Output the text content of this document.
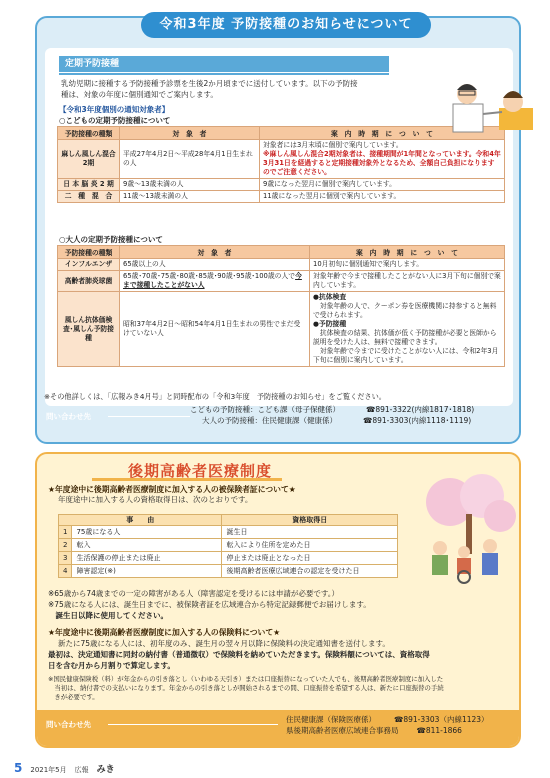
令和3年度 予防接種のお知らせについて
定期予防接種
乳幼児期に接種する予防接種予診票を生後2か月頃までに送付しています。以下の予防接
種は、対象の年度に個別通知でご案内します。
【令和3年度個別の通知対象者】
○こどもの定期予防接種について
予防接種の種類	対　象　者	案　内　時　期　に　つ　い　て
麻しん風しん混合2期	平成27年4月2日～平成28年4月1日生まれの人	対象者には3月末頃に個別で案内しています。
※麻しん風しん混合2期対象者は、接種期間が1年間となっています。令和4年3月31日を経過すると定期接種対象外となるため、全額自己負担になりますのでご注意ください。

日 本 脳 炎 2 期	9歳～13歳未満の人	9歳になった翌月に個別で案内しています。
二　種　混　合	11歳～13歳未満の人	11歳になった翌月に個別で案内しています。
○大人の定期予防接種について
予防接種の種類	対　象　者	案　内　時　期　に　つ　い　て
インフルエンザ	65歳以上の人	10月初旬に個別通知で案内します。
高齢者肺炎球菌	65歳･70歳･75歳･80歳･85歳･90歳･95歳･100歳の人で今まで接種したことがない人	対象年齢で今まで接種したことがない人に3月下旬に個別で案内しています。
風しん抗体価検査･風しん予防接種	昭和37年4月2日～昭和54年4月1日生まれの男性でまだ受けていない人	●抗体検査
　対象年齢の人で、クーポン券を医療機関に持参すると無料で受けられます。
●予防接種
　抗体検査の結果、抗体価が低く予防接種が必要と医師から説明を受けた人は、無料で接種できます。
　対象年齢で今までに受けたことがない人には、令和2年3月下旬に個別に案内しています。
※その他詳しくは、「広報みき4月号」と同時配布の「令和3年度　予防接種のお知らせ」をご覧ください。
問い合わせ先
こどもの予防接種：こども課（母子保健係）	☎891-3322(内線1817･1818)
大人の予防接種：住民健康課（健康係）	☎891-3303(内線1118･1119)
後期高齢者医療制度
★年度途中に後期高齢者医療制度に加入する人の被保険者証について★
年度途中に加入する人の資格取得日は、次のとおりです。
事　　由		資格取得日
1	75歳になる人	誕生日
2	転入	転入により住所を定めた日
3	生活保護の停止または廃止	停止または廃止となった日
4	障害認定(※)	後期高齢者医療広域連合の認定を受けた日
※65歳から74歳までの一定の障害がある人（障害認定を受けるには申請が必要です。）
※75歳になる人には、誕生日までに、被保険者証を広域連合から特定記録郵便でお届けします。
　誕生日以降に使用してください。
★年度途中に後期高齢者医療制度に加入する人の保険料について★
新たに75歳になる人には、初年度のみ、誕生月の翌々月以降に保険料の決定通知書を送付します。
最初は、決定通知書に同封の納付書（普通徴収）で保険料を納めていただきます。保険料額については、資格取得
日を含む月から月割りで算定します。
※国民健康保険税（料）が年金からの引き落とし（いわゆる天引き）または口座振替になっていた人でも、後期高齢者医療制度に加入した
　当初は、納付書での支払いになります。年金からの引き落としが開始されるまでの間、口座振替を希望する人は、新たに口座振替の手続
　きが必要です。
問い合わせ先
住民健康課（保険医療係） ☎891-3303（内線1123）
県後期高齢者医療広域連合事務局 ☎811-1866
5 2021年5月 広報 みき
